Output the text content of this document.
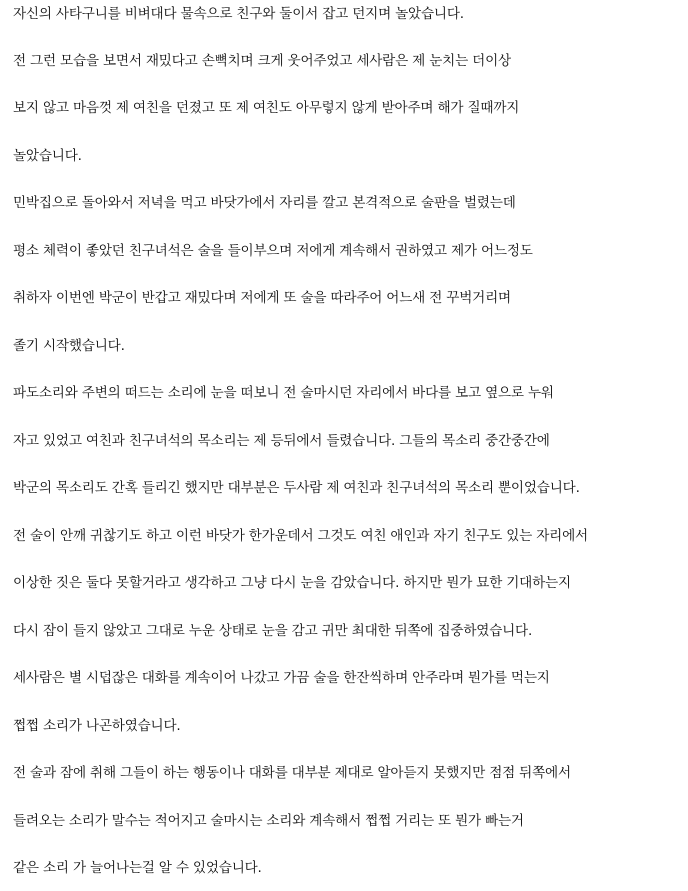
자신의 사타구니를 비벼대다 물속으로 친구와 둘이서 잡고 던지며 놀았습니다.
전 그런 모습을 보면서 재밌다고 손뼉치며 크게 웃어주었고 세사람은 제 눈치는 더이상
보지 않고 마음껏 제 여친을 던졌고 또 제 여친도 아무렇지 않게 받아주며 해가 질때까지
놀았습니다.
민박집으로 돌아와서 저녁을 먹고 바닷가에서 자리를 깔고 본격적으로 술판을 벌렸는데
평소 체력이 좋았던 친구녀석은 술을 들이부으며 저에게 계속해서 권하였고 제가 어느정도
취하자 이번엔 박군이 반갑고 재밌다며 저에게 또 술을 따라주어 어느새 전 꾸벅거리며
졸기 시작했습니다.
파도소리와 주변의 떠드는 소리에 눈을 떠보니 전 술마시던 자리에서 바다를 보고 옆으로 누워
자고 있었고 여친과 친구녀석의 목소리는 제 등뒤에서 들렸습니다. 그들의 목소리 중간중간에
박군의 목소리도 간혹 들리긴 했지만 대부분은 두사람 제 여친과 친구녀석의 목소리 뿐이었습니다.
전 술이 안깨 귀찮기도 하고 이런 바닷가 한가운데서 그것도 여친 애인과 자기 친구도 있는 자리에서
이상한 짓은 둘다 못할거라고 생각하고 그냥 다시 눈을 감았습니다. 하지만 뭔가 묘한 기대하는지
다시 잠이 들지 않았고 그대로 누운 상태로 눈을 감고 귀만 최대한 뒤쪽에 집중하였습니다.
세사람은 별 시덥잖은 대화를 계속이어 나갔고 가끔 술을 한잔씩하며 안주라며 뭔가를 먹는지
쩝쩝 소리가 나곤하였습니다.
전 술과 잠에 취해 그들이 하는 행동이나 대화를 대부분 제대로 알아듣지 못했지만 점점 뒤쪽에서
들려오는 소리가 말수는 적어지고 술마시는 소리와 계속해서 쩝쩝 거리는 또 뭔가 빠는거
같은 소리 가 늘어나는걸 알 수 있었습니다.
